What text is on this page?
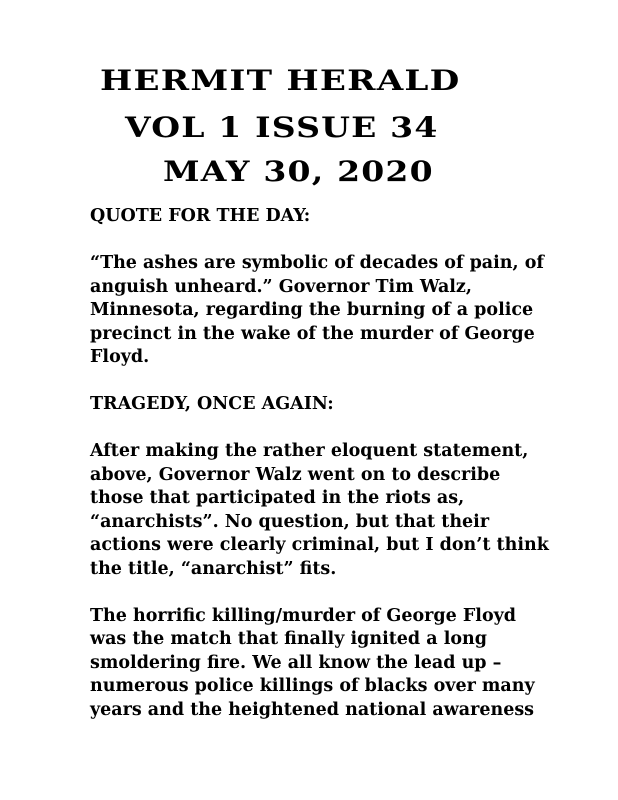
HERMIT HERALD
VOL 1 ISSUE 34
MAY 30, 2020

QUOTE FOR THE DAY:

“The ashes are symbolic of decades of pain, of
anguish unheard.” Governor Tim Walz,
Minnesota, regarding the burning of a police
precinct in the wake of the murder of George
Floyd.

TRAGEDY, ONCE AGAIN:

After making the rather eloquent statement,
above, Governor Walz went on to describe
those that participated in the riots as,
“anarchists”. No question, but that their
actions were clearly criminal, but I don’t think
the title, “anarchist” fits.

The horrific killing/murder of George Floyd
was the match that finally ignited a long
smoldering fire. We all know the lead up –
numerous police killings of blacks over many
years and the heightened national awareness
